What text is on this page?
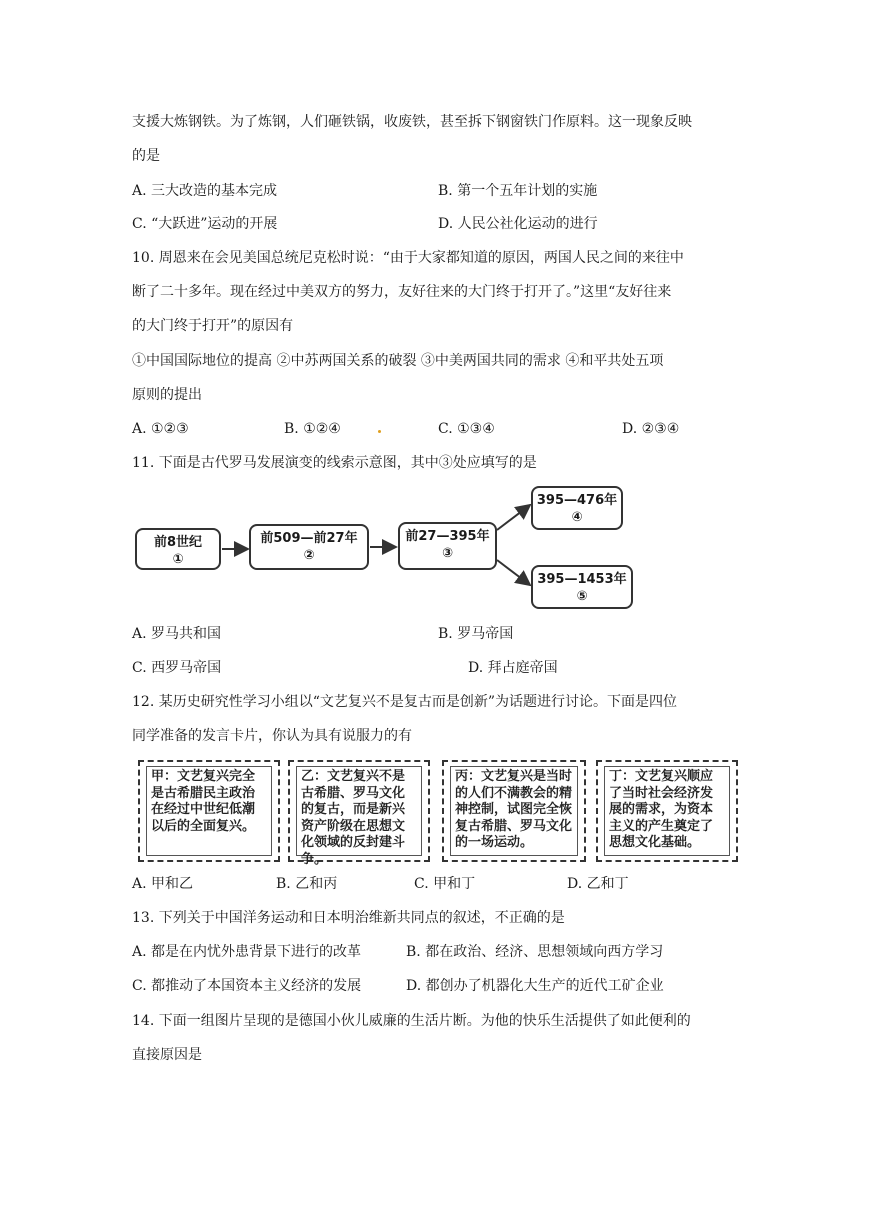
支援大炼钢铁。为了炼钢，人们砸铁锅，收废铁，甚至拆下钢窗铁门作原料。这一现象反映
的是
A. 三大改造的基本完成	B. 第一个五年计划的实施
C. “大跃进”运动的开展	D. 人民公社化运动的进行
10. 周恩来在会见美国总统尼克松时说：“由于大家都知道的原因，两国人民之间的来往中
断了二十多年。现在经过中美双方的努力，友好往来的大门终于打开了。”这里“友好往来
的大门终于打开”的原因有
①中国国际地位的提高 ②中苏两国关系的破裂 ③中美两国共同的需求 ④和平共处五项
原则的提出
A. ①②③	B. ①②④	C. ①③④	D. ②③④
11. 下面是古代罗马发展演变的线索示意图，其中③处应填写的是
前8世纪
①
前509—前27年
②
前27—395年
③
395—476年
④
395—1453年
⑤
A. 罗马共和国	B. 罗马帝国
C. 西罗马帝国	D. 拜占庭帝国
12. 某历史研究性学习小组以“文艺复兴不是复古而是创新”为话题进行讨论。下面是四位
同学准备的发言卡片，你认为具有说服力的有
甲：文艺复兴完全是古希腊民主政治在经过中世纪低潮以后的全面复兴。
乙：文艺复兴不是古希腊、罗马文化的复古，而是新兴资产阶级在思想文化领域的反封建斗争。
丙：文艺复兴是当时的人们不满教会的精神控制，试图完全恢复古希腊、罗马文化的一场运动。
丁：文艺复兴顺应了当时社会经济发展的需求，为资本主义的产生奠定了思想文化基础。
A. 甲和乙	B. 乙和丙	C. 甲和丁	D. 乙和丁
13. 下列关于中国洋务运动和日本明治维新共同点的叙述，不正确的是
A. 都是在内忧外患背景下进行的改革	B. 都在政治、经济、思想领域向西方学习
C. 都推动了本国资本主义经济的发展	D. 都创办了机器化大生产的近代工矿企业
14. 下面一组图片呈现的是德国小伙儿威廉的生活片断。为他的快乐生活提供了如此便利的
直接原因是
